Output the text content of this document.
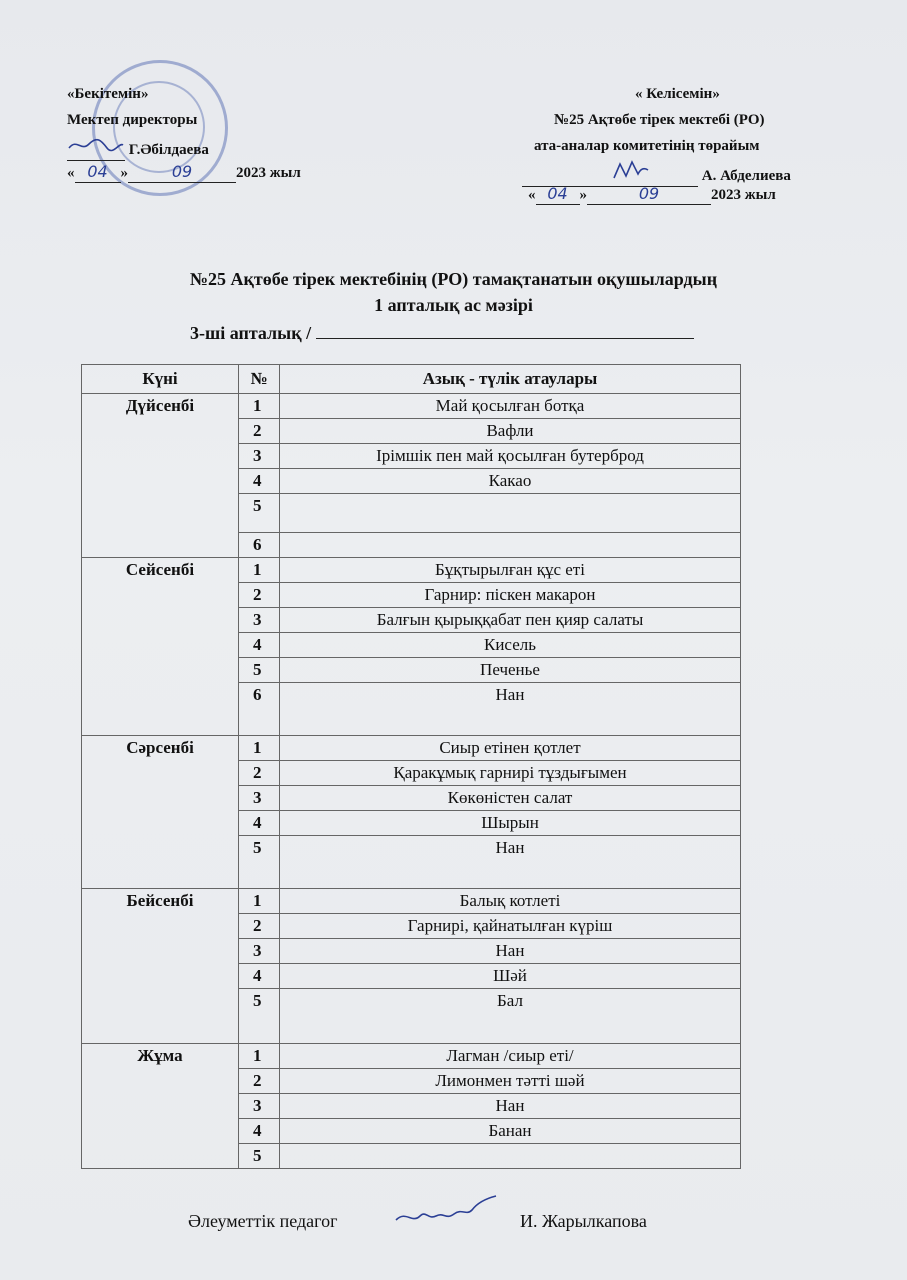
«Бекітемін»
Мектеп директоры
Г.Әбілдаева
« 04 »	09	2023 жыл
« Келісемін»
№25 Ақтөбе тірек мектебі (РО)
ата-аналар комитетінің төрайым
А. Абделиева
« 04 »	09	2023 жыл
№25 Ақтөбе тірек мектебінің (РО) тамақтанатын оқушылардың
1 апталық ас мәзірі
3-ші апталық /
Күні	№	Азық - түлік атаулары
Дүйсенбі	1	Май қосылған ботқа
	2	Вафли
	3	Ірімшік пен май қосылған бутерброд
	4	Какао
	5	
	6	
Сейсенбі	1	Бұқтырылған құс еті
	2	Гарнир: піскен макарон
	3	Балғын қырыққабат пен қияр салаты
	4	Кисель
	5	Печенье
	6	Нан
Сәрсенбі	1	Сиыр етінен қотлет
	2	Қаракұмық гарнирі тұздығымен
	3	Көкөністен салат
	4	Шырын
	5	Нан
Бейсенбі	1	Балық котлеті
	2	Гарнирі, қайнатылған күріш
	3	Нан
	4	Шәй
	5	Бал
Жұма	1	Лагман /сиыр еті/
	2	Лимонмен тәтті шәй
	3	Нан
	4	Банан
	5	
Әлеуметтік педагог	И. Жарылкапова
